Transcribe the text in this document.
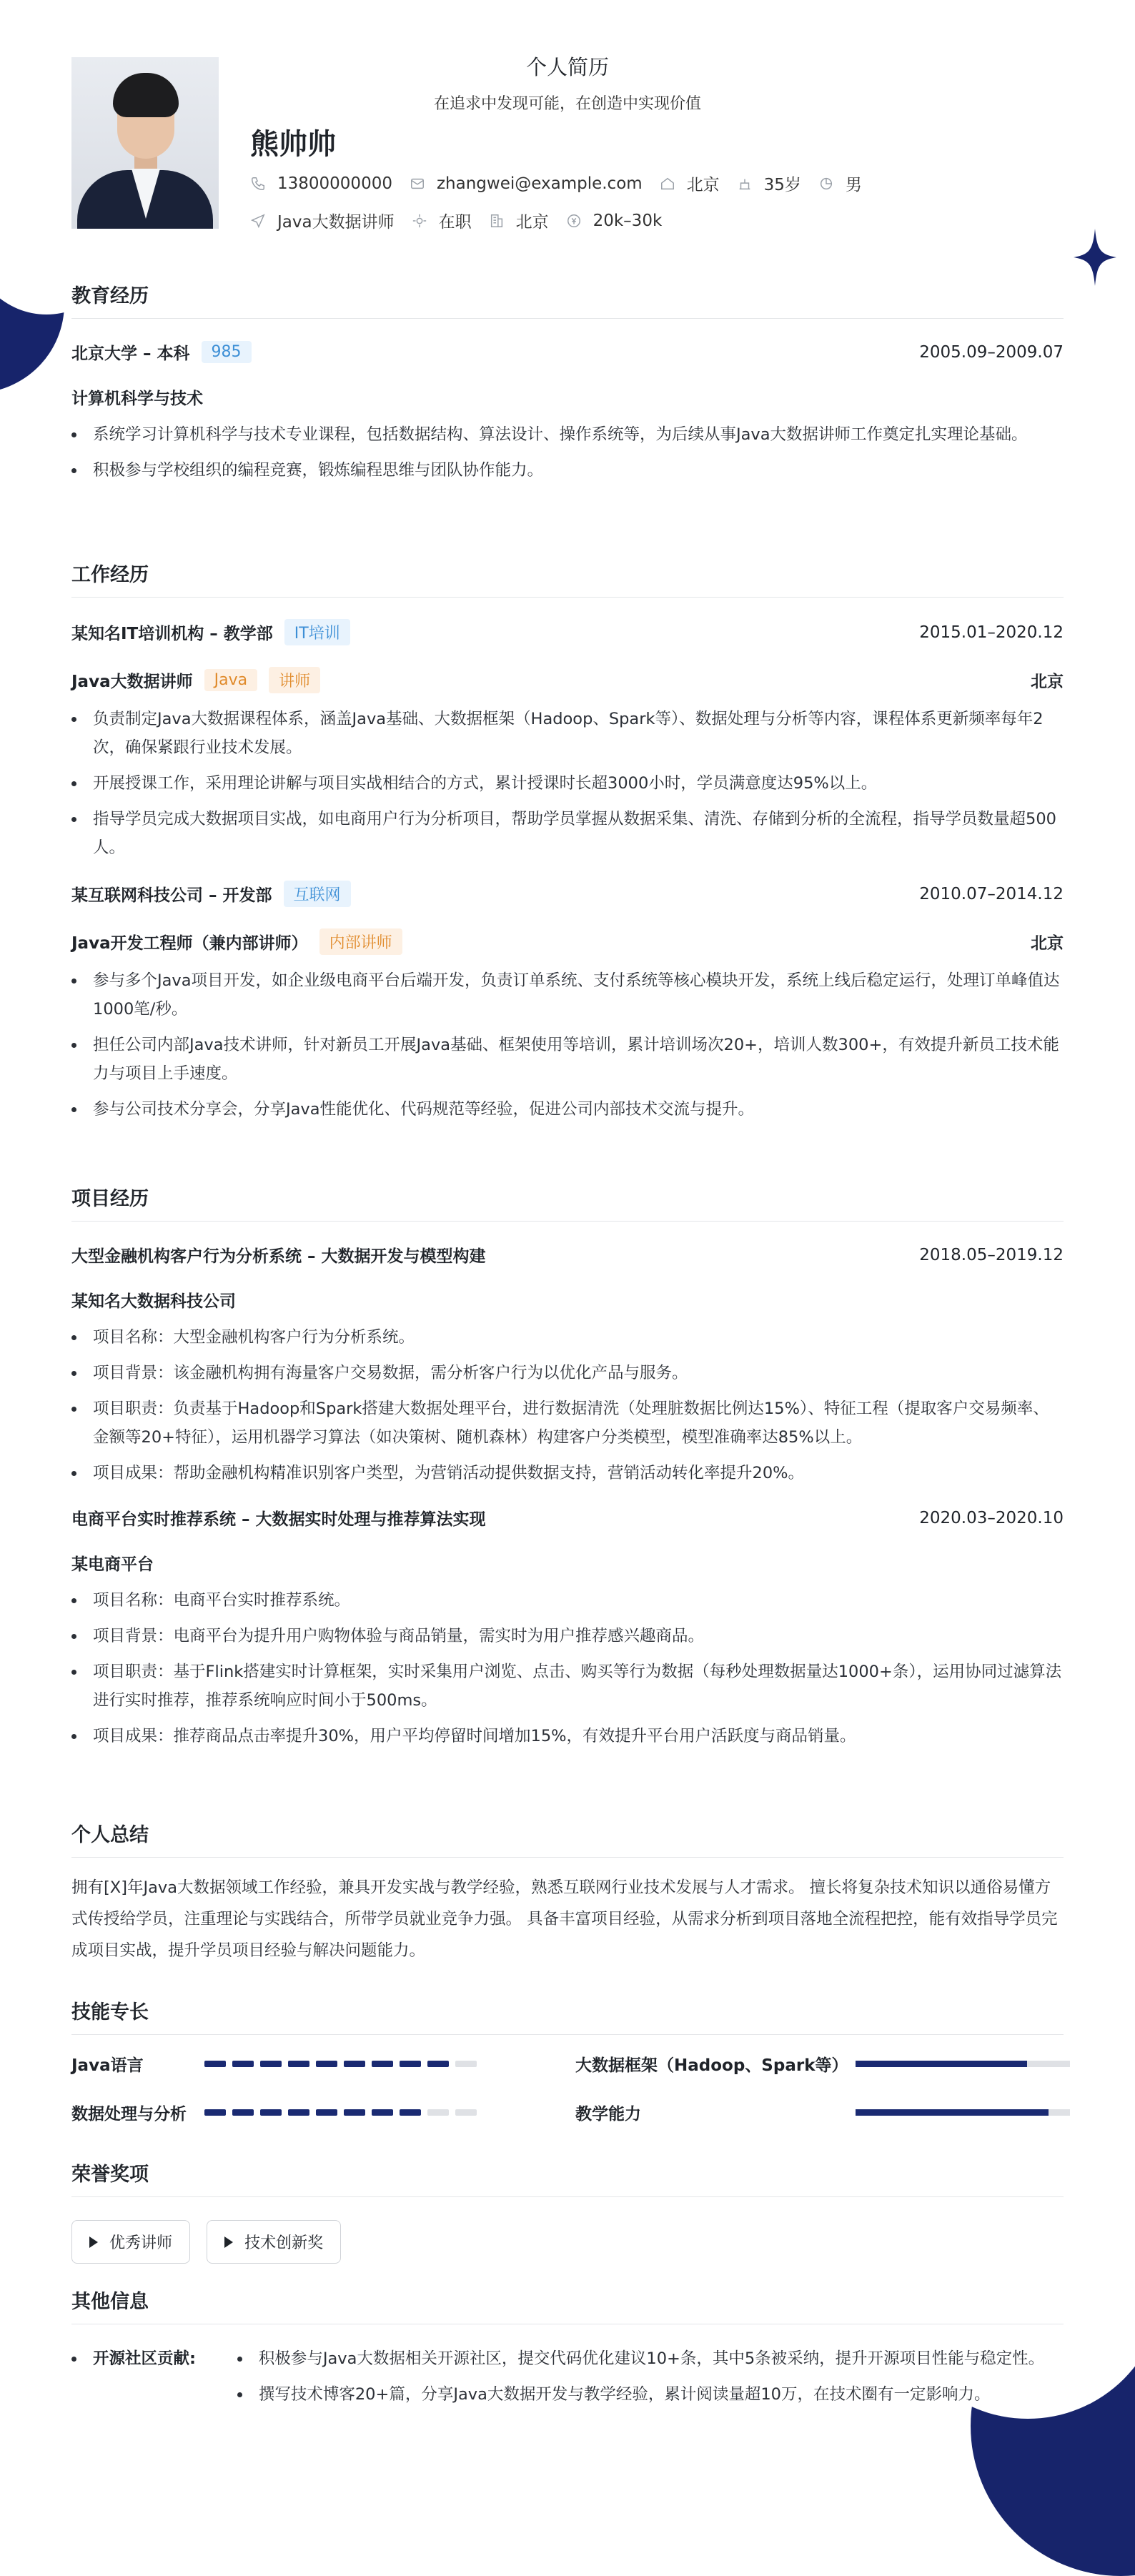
个人简历
在追求中发现可能，在创造中实现价值
熊帅帅
13800000000	zhangwei@example.com	北京	35岁	男
Java大数据讲师	在职	北京	20k–30k
教育经历
北京大学 – 本科	985	2005.09–2009.07
计算机科学与技术
系统学习计算机科学与技术专业课程，包括数据结构、算法设计、操作系统等，为后续从事Java大数据讲师工作奠定扎实理论基础。
积极参与学校组织的编程竞赛，锻炼编程思维与团队协作能力。
工作经历
某知名IT培训机构 – 教学部	IT培训	2015.01–2020.12
Java大数据讲师	Java	讲师	北京
负责制定Java大数据课程体系，涵盖Java基础、大数据框架（Hadoop、Spark等）、数据处理与分析等内容，课程体系更新频率每年2次，确保紧跟行业技术发展。
开展授课工作，采用理论讲解与项目实战相结合的方式，累计授课时长超3000小时，学员满意度达95%以上。
指导学员完成大数据项目实战，如电商用户行为分析项目，帮助学员掌握从数据采集、清洗、存储到分析的全流程，指导学员数量超500人。
某互联网科技公司 – 开发部	互联网	2010.07–2014.12
Java开发工程师（兼内部讲师）	内部讲师	北京
参与多个Java项目开发，如企业级电商平台后端开发，负责订单系统、支付系统等核心模块开发，系统上线后稳定运行，处理订单峰值达1000笔/秒。
担任公司内部Java技术讲师，针对新员工开展Java基础、框架使用等培训，累计培训场次20+，培训人数300+，有效提升新员工技术能力与项目上手速度。
参与公司技术分享会，分享Java性能优化、代码规范等经验，促进公司内部技术交流与提升。
项目经历
大型金融机构客户行为分析系统 – 大数据开发与模型构建	2018.05–2019.12
某知名大数据科技公司
项目名称：大型金融机构客户行为分析系统。
项目背景：该金融机构拥有海量客户交易数据，需分析客户行为以优化产品与服务。
项目职责：负责基于Hadoop和Spark搭建大数据处理平台，进行数据清洗（处理脏数据比例达15%）、特征工程（提取客户交易频率、金额等20+特征），运用机器学习算法（如决策树、随机森林）构建客户分类模型，模型准确率达85%以上。
项目成果：帮助金融机构精准识别客户类型，为营销活动提供数据支持，营销活动转化率提升20%。
电商平台实时推荐系统 – 大数据实时处理与推荐算法实现	2020.03–2020.10
某电商平台
项目名称：电商平台实时推荐系统。
项目背景：电商平台为提升用户购物体验与商品销量，需实时为用户推荐感兴趣商品。
项目职责：基于Flink搭建实时计算框架，实时采集用户浏览、点击、购买等行为数据（每秒处理数据量达1000+条），运用协同过滤算法进行实时推荐，推荐系统响应时间小于500ms。
项目成果：推荐商品点击率提升30%，用户平均停留时间增加15%，有效提升平台用户活跃度与商品销量。
个人总结
拥有[X]年Java大数据领域工作经验，兼具开发实战与教学经验，熟悉互联网行业技术发展与人才需求。 擅长将复杂技术知识以通俗易懂方式传授给学员，注重理论与实践结合，所带学员就业竞争力强。 具备丰富项目经验，从需求分析到项目落地全流程把控，能有效指导学员完成项目实战，提升学员项目经验与解决问题能力。
技能专长
Java语言	大数据框架（Hadoop、Spark等）
数据处理与分析	教学能力
荣誉奖项
优秀讲师
	技术创新奖
其他信息
开源社区贡献:	积极参与Java大数据相关开源社区，提交代码优化建议10+条，其中5条被采纳，提升开源项目性能与稳定性。
撰写技术博客20+篇，分享Java大数据开发与教学经验，累计阅读量超10万，在技术圈有一定影响力。
